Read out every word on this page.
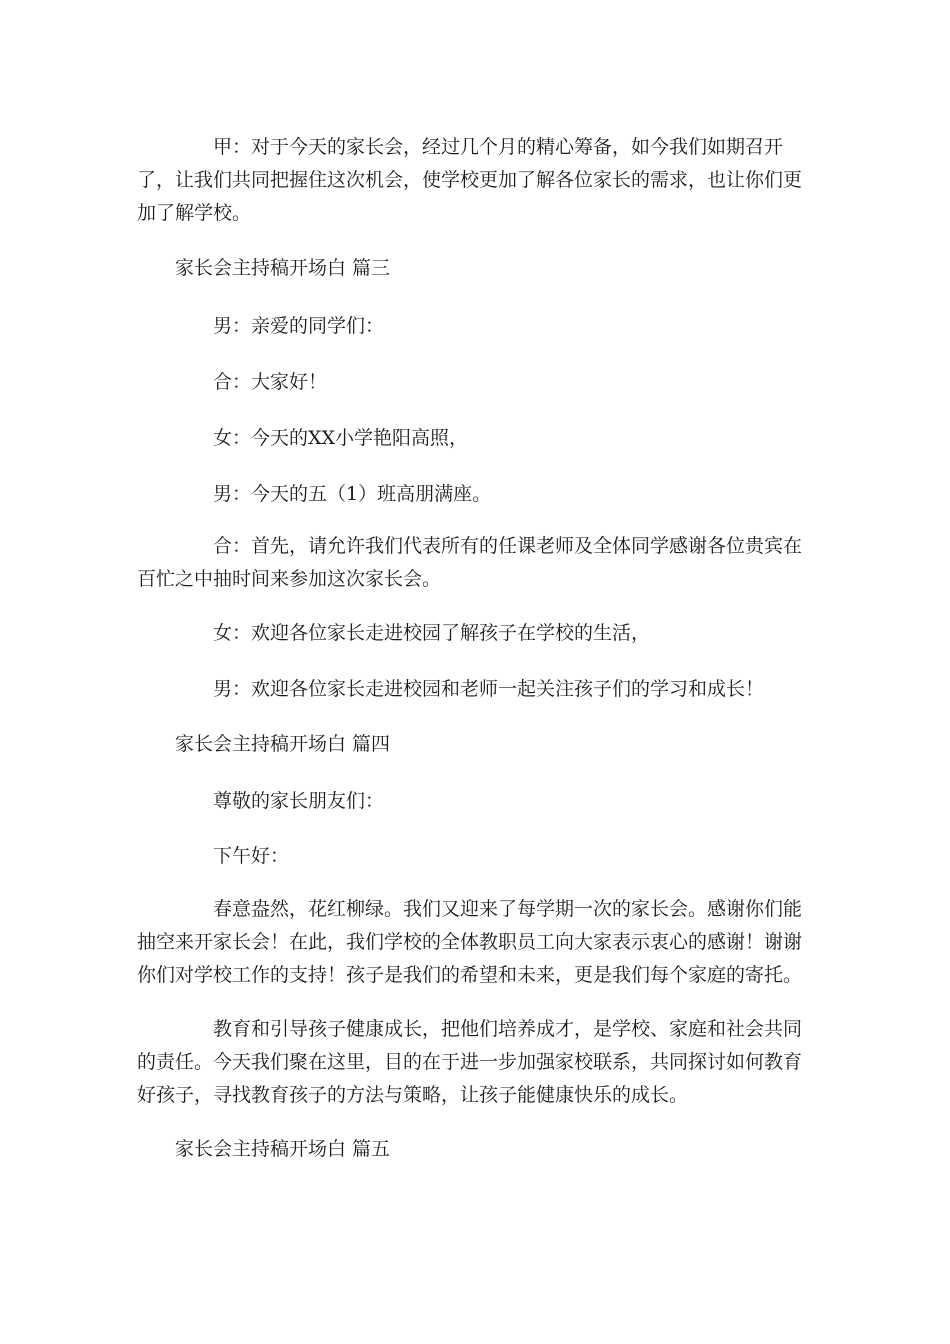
甲：对于今天的家长会，经过几个月的精心筹备，如今我们如期召开了，让我们共同把握住这次机会，使学校更加了解各位家长的需求，也让你们更加了解学校。

家长会主持稿开场白 篇三

男：亲爱的同学们：

合：大家好！

女：今天的XX小学艳阳高照，

男：今天的五（1）班高朋满座。

合：首先，请允许我们代表所有的任课老师及全体同学感谢各位贵宾在百忙之中抽时间来参加这次家长会。

女：欢迎各位家长走进校园了解孩子在学校的生活，

男：欢迎各位家长走进校园和老师一起关注孩子们的学习和成长！

家长会主持稿开场白 篇四

尊敬的家长朋友们：

下午好：

春意盎然，花红柳绿。我们又迎来了每学期一次的家长会。感谢你们能抽空来开家长会！在此，我们学校的全体教职员工向大家表示衷心的感谢！谢谢你们对学校工作的支持！孩子是我们的希望和未来，更是我们每个家庭的寄托。

教育和引导孩子健康成长，把他们培养成才，是学校、家庭和社会共同的责任。今天我们聚在这里，目的在于进一步加强家校联系，共同探讨如何教育好孩子，寻找教育孩子的方法与策略，让孩子能健康快乐的成长。

家长会主持稿开场白 篇五
